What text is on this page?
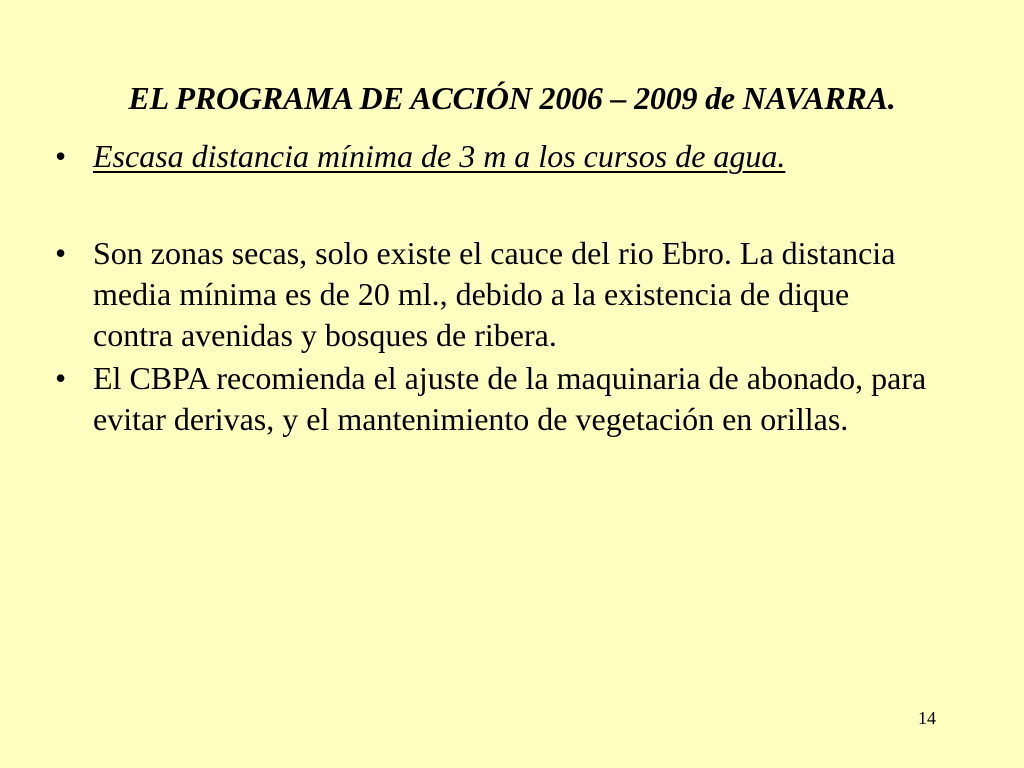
EL PROGRAMA DE ACCIÓN 2006 – 2009 de NAVARRA.
• Escasa distancia mínima de 3 m a los cursos de agua.
• Son zonas secas, solo existe el cauce del rio Ebro. La distancia media mínima es de 20 ml., debido a la existencia de dique contra avenidas y bosques de ribera.
• El CBPA recomienda el ajuste de la maquinaria de abonado, para evitar derivas, y el mantenimiento de vegetación en orillas.
14
